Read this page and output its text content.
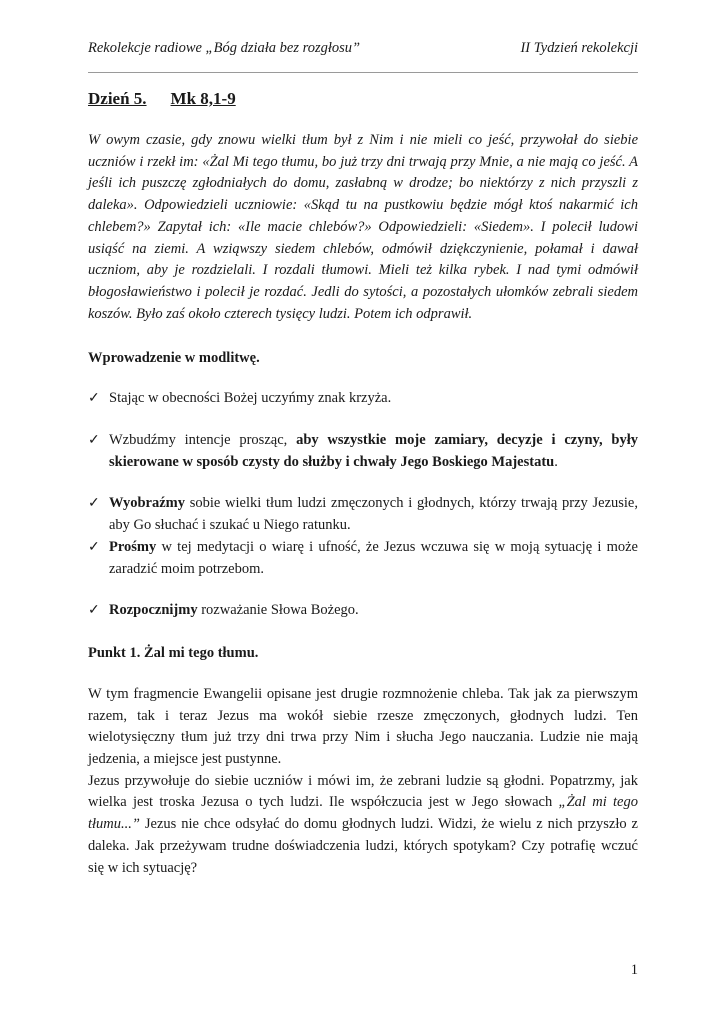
Rekolekcje radiowe „Bóg działa bez rozgłosu”	II Tydzień rekolekcji
Dzień 5. Mk 8,1-9

W owym czasie, gdy znowu wielki tłum był z Nim i nie mieli co jeść, przywołał do siebie uczniów i rzekł im: «Żal Mi tego tłumu, bo już trzy dni trwają przy Mnie, a nie mają co jeść. A jeśli ich puszczę zgłodniałych do domu, zasłabną w drodze; bo niektórzy z nich przyszli z daleka». Odpowiedzieli uczniowie: «Skąd tu na pustkowiu będzie mógł ktoś nakarmić ich chlebem?» Zapytał ich: «Ile macie chlebów?» Odpowiedzieli: «Siedem». I polecił ludowi usiąść na ziemi. A wziąwszy siedem chlebów, odmówił dziękczynienie, połamał i dawał uczniom, aby je rozdzielali. I rozdali tłumowi. Mieli też kilka rybek. I nad tymi odmówił błogosławieństwo i polecił je rozdać. Jedli do sytości, a pozostałych ułomków zebrali siedem koszów. Było zaś około czterech tysięcy ludzi. Potem ich odprawił.

Wprowadzenie w modlitwę.

✓ Stając w obecności Bożej uczyńmy znak krzyża.
✓ Wzbudźmy intencje prosząc, aby wszystkie moje zamiary, decyzje i czyny, były skierowane w sposób czysty do służby i chwały Jego Boskiego Majestatu.
✓ Wyobraźmy sobie wielki tłum ludzi zmęczonych i głodnych, którzy trwają przy Jezusie, aby Go słuchać i szukać u Niego ratunku.
✓ Prośmy w tej medytacji o wiarę i ufność, że Jezus wczuwa się w moją sytuację i może zaradzić moim potrzebom.
✓ Rozpocznijmy rozważanie Słowa Bożego.

Punkt 1. Żal mi tego tłumu.

W tym fragmencie Ewangelii opisane jest drugie rozmnożenie chleba. Tak jak za pierwszym razem, tak i teraz Jezus ma wokół siebie rzesze zmęczonych, głodnych ludzi. Ten wielotysięczny tłum już trzy dni trwa przy Nim i słucha Jego nauczania. Ludzie nie mają jedzenia, a miejsce jest pustynne.

Jezus przywołuje do siebie uczniów i mówi im, że zebrani ludzie są głodni. Popatrzmy, jak wielka jest troska Jezusa o tych ludzi. Ile współczucia jest w Jego słowach „Żal mi tego tłumu...” Jezus nie chce odsyłać do domu głodnych ludzi. Widzi, że wielu z nich przyszło z daleka. Jak przeżywam trudne doświadczenia ludzi, których spotykam? Czy potrafię wczuć się w ich sytuację?

1
